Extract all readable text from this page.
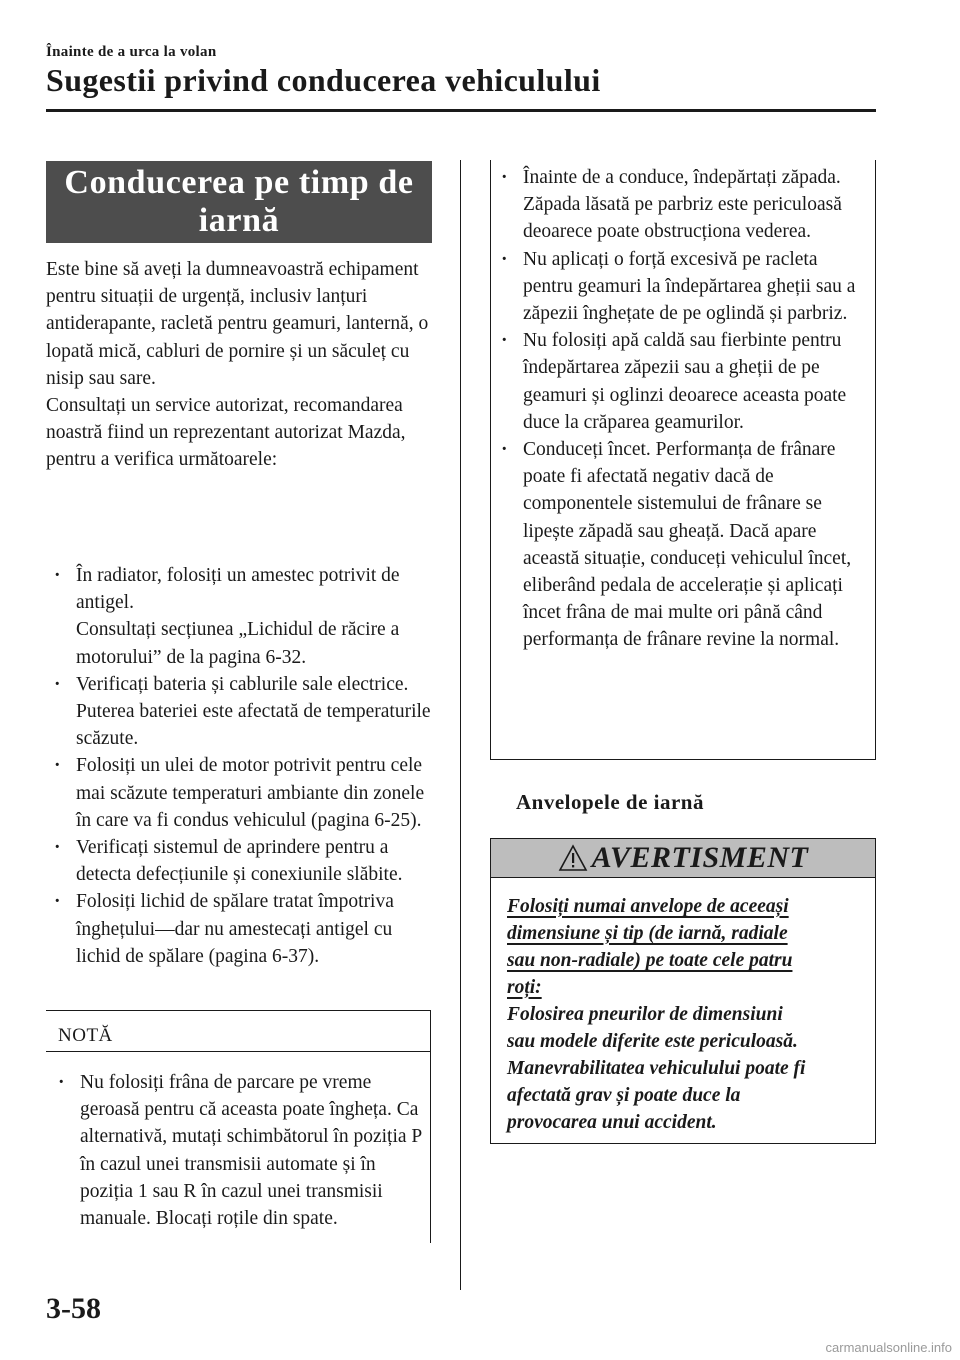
Înainte de a urca la volan
Sugestii privind conducerea vehiculului
Conducerea pe timp de iarnă

Este bine să aveți la dumneavoastră echipament pentru situații de urgență, inclusiv lanțuri antiderapante, racletă pentru geamuri, lanternă, o lopată mică, cabluri de pornire și un săculeț cu nisip sau sare.

Consultați un service autorizat, recomandarea noastră fiind un reprezentant autorizat Mazda, pentru a verifica următoarele:

· În radiator, folosiți un amestec potrivit de antigel.
Consultați secțiunea „Lichidul de răcire a motorului” de la pagina 6-32.
· Verificați bateria și cablurile sale electrice. Puterea bateriei este afectată de temperaturile scăzute.
· Folosiți un ulei de motor potrivit pentru cele mai scăzute temperaturi ambiante din zonele în care va fi condus vehiculul (pagina 6-25).
· Verificați sistemul de aprindere pentru a detecta defecțiunile și conexiunile slăbite.
· Folosiți lichid de spălare tratat împotriva înghețului―dar nu amestecați antigel cu lichid de spălare (pagina 6-37).
NOTĂ
· Nu folosiți frâna de parcare pe vreme geroasă pentru că aceasta poate îngheța. Ca alternativă, mutați schimbătorul în poziția P în cazul unei transmisii automate și în poziția 1 sau R în cazul unei transmisii manuale. Blocați roțile din spate.
· Înainte de a conduce, îndepărtați zăpada. Zăpada lăsată pe parbriz este periculoasă deoarece poate obstrucționa vederea.
· Nu aplicați o forță excesivă pe racleta pentru geamuri la îndepărtarea gheții sau a zăpezii înghețate de pe oglindă și parbriz.
· Nu folosiți apă caldă sau fierbinte pentru îndepărtarea zăpezii sau a gheții de pe geamuri și oglinzi deoarece aceasta poate duce la crăparea geamurilor.
· Conduceți încet. Performanța de frânare poate fi afectată negativ dacă de componentele sistemului de frânare se lipește zăpadă sau gheață. Dacă apare această situație, conduceți vehiculul încet, eliberând pedala de accelerație și aplicați încet frâna de mai multe ori până când performanța de frânare revine la normal.
Anvelopele de iarnă
AVERTISMENT
Folosiți numai anvelope de aceeași
dimensiune și tip (de iarnă, radiale
sau non-radiale) pe toate cele patru
roți:
Folosirea pneurilor de dimensiuni
sau modele diferite este periculoasă.
Manevrabilitatea vehiculului poate fi
afectată grav și poate duce la
provocarea unui accident.
3-58
carmanualsonline.info
